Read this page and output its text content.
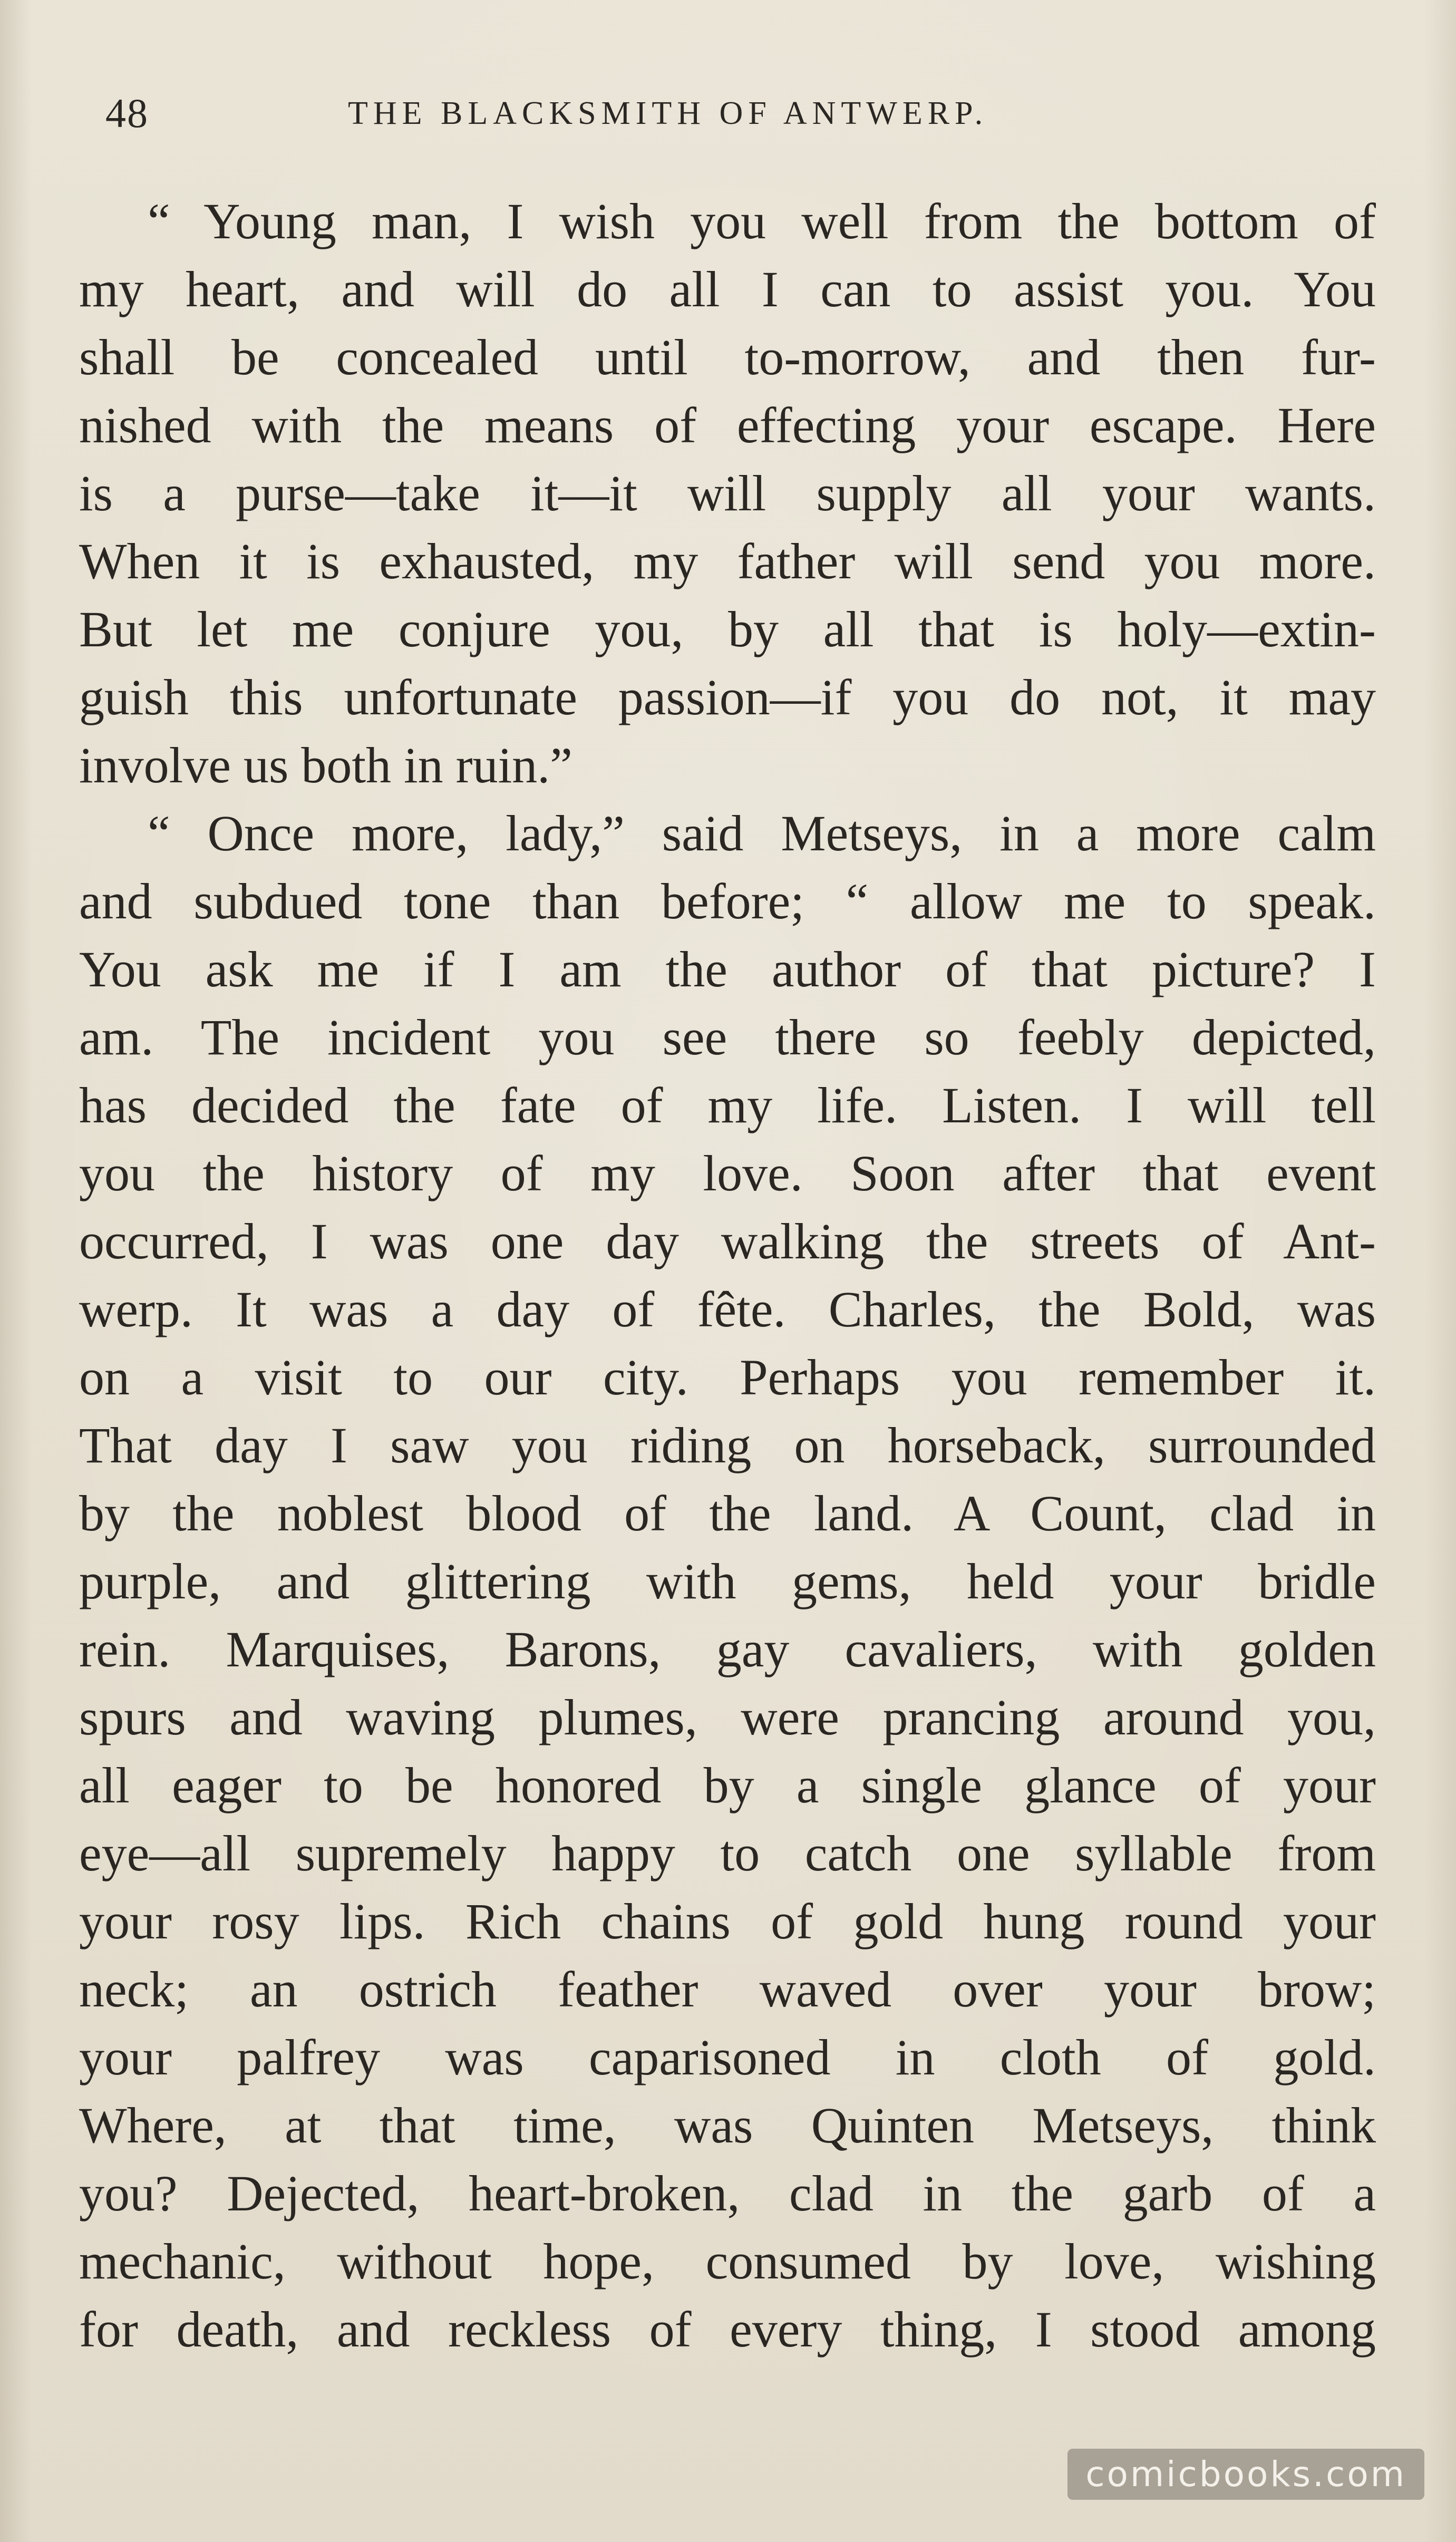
48	THE BLACKSMITH OF ANTWERP.
“ Young man, I wish you well from the bottom of
my heart, and will do all I can to assist you. You
shall be concealed until to-morrow, and then fur-
nished with the means of effecting your escape. Here
is a purse—take it—it will supply all your wants.
When it is exhausted, my father will send you more.
But let me conjure you, by all that is holy—extin-
guish this unfortunate passion—if you do not, it may
involve us both in ruin.”
“ Once more, lady,” said Metseys, in a more calm
and subdued tone than before; “ allow me to speak.
You ask me if I am the author of that picture? I
am. The incident you see there so feebly depicted,
has decided the fate of my life. Listen. I will tell
you the history of my love. Soon after that event
occurred, I was one day walking the streets of Ant-
werp. It was a day of fête. Charles, the Bold, was
on a visit to our city. Perhaps you remember it.
That day I saw you riding on horseback, surrounded
by the noblest blood of the land. A Count, clad in
purple, and glittering with gems, held your bridle
rein. Marquises, Barons, gay cavaliers, with golden
spurs and waving plumes, were prancing around you,
all eager to be honored by a single glance of your
eye—all supremely happy to catch one syllable from
your rosy lips. Rich chains of gold hung round your
neck; an ostrich feather waved over your brow;
your palfrey was caparisoned in cloth of gold.
Where, at that time, was Quinten Metseys, think
you? Dejected, heart-broken, clad in the garb of a
mechanic, without hope, consumed by love, wishing
for death, and reckless of every thing, I stood among
comicbooks.com
